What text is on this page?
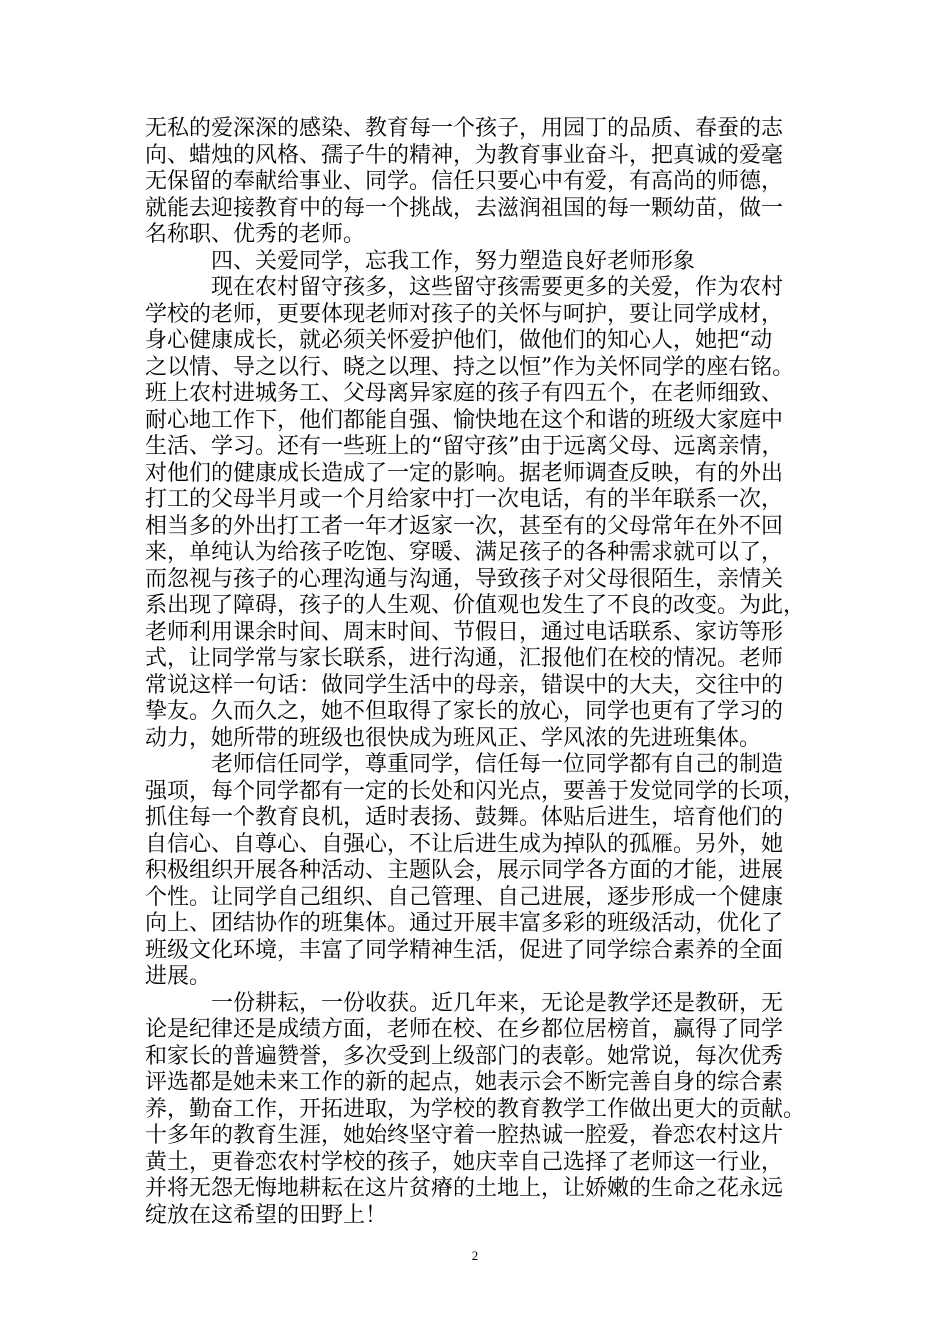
无私的爱深深的感染、教育每一个孩子，用园丁的品质、春蚕的志
向、蜡烛的风格、孺子牛的精神，为教育事业奋斗，把真诚的爱毫
无保留的奉献给事业、同学。信任只要心中有爱，有高尚的师德，
就能去迎接教育中的每一个挑战，去滋润祖国的每一颗幼苗，做一
名称职、优秀的老师。
四、关爱同学，忘我工作，努力塑造良好老师形象
现在农村留守孩多，这些留守孩需要更多的关爱，作为农村
学校的老师，更要体现老师对孩子的关怀与呵护，要让同学成材，
身心健康成长，就必须关怀爱护他们，做他们的知心人，她把“动
之以情、导之以行、晓之以理、持之以恒”作为关怀同学的座右铭。
班上农村进城务工、父母离异家庭的孩子有四五个，在老师细致、
耐心地工作下，他们都能自强、愉快地在这个和谐的班级大家庭中
生活、学习。还有一些班上的“留守孩”由于远离父母、远离亲情，
对他们的健康成长造成了一定的影响。据老师调查反映，有的外出
打工的父母半月或一个月给家中打一次电话，有的半年联系一次，
相当多的外出打工者一年才返家一次，甚至有的父母常年在外不回
来，单纯认为给孩子吃饱、穿暖、满足孩子的各种需求就可以了，
而忽视与孩子的心理沟通与沟通，导致孩子对父母很陌生，亲情关
系出现了障碍，孩子的人生观、价值观也发生了不良的改变。为此，
老师利用课余时间、周末时间、节假日，通过电话联系、家访等形
式，让同学常与家长联系，进行沟通，汇报他们在校的情况。老师
常说这样一句话：做同学生活中的母亲，错误中的大夫，交往中的
挚友。久而久之，她不但取得了家长的放心，同学也更有了学习的
动力，她所带的班级也很快成为班风正、学风浓的先进班集体。
老师信任同学，尊重同学，信任每一位同学都有自己的制造
强项，每个同学都有一定的长处和闪光点，要善于发觉同学的长项，
抓住每一个教育良机，适时表扬、鼓舞。体贴后进生，培育他们的
自信心、自尊心、自强心，不让后进生成为掉队的孤雁。另外，她
积极组织开展各种活动、主题队会，展示同学各方面的才能，进展
个性。让同学自己组织、自己管理、自己进展，逐步形成一个健康
向上、团结协作的班集体。通过开展丰富多彩的班级活动，优化了
班级文化环境，丰富了同学精神生活，促进了同学综合素养的全面
进展。
一份耕耘，一份收获。近几年来，无论是教学还是教研，无
论是纪律还是成绩方面，老师在校、在乡都位居榜首，赢得了同学
和家长的普遍赞誉，多次受到上级部门的表彰。她常说，每次优秀
评选都是她未来工作的新的起点，她表示会不断完善自身的综合素
养，勤奋工作，开拓进取，为学校的教育教学工作做出更大的贡献。
十多年的教育生涯，她始终坚守着一腔热诚一腔爱，眷恋农村这片
黄土，更眷恋农村学校的孩子，她庆幸自己选择了老师这一行业，
并将无怨无悔地耕耘在这片贫瘠的土地上，让娇嫩的生命之花永远
绽放在这希望的田野上！
2
